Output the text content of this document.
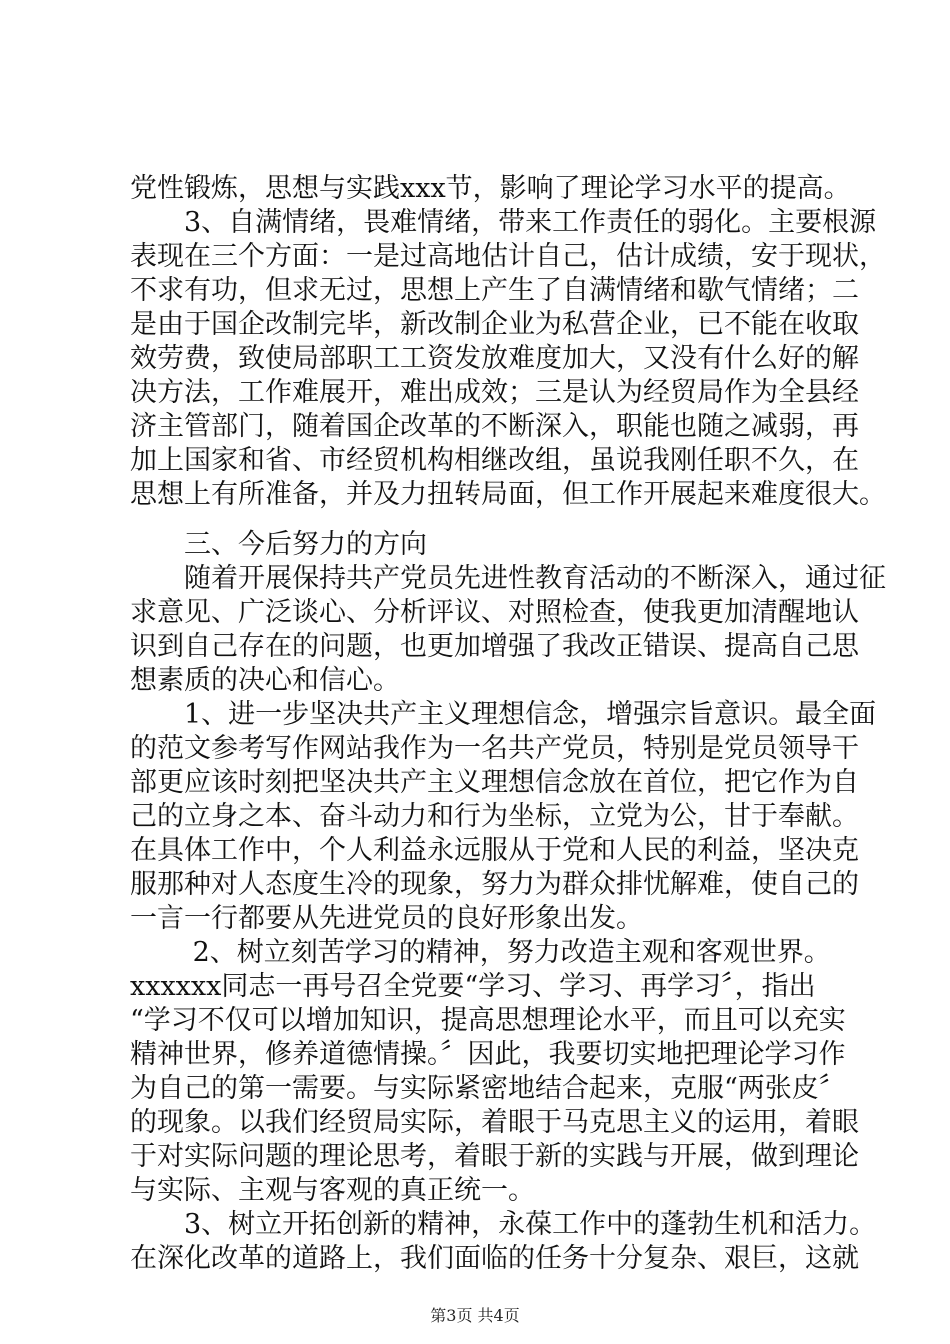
党性锻炼，思想与实践xxx节，影响了理论学习水平的提高。
　　3、自满情绪，畏难情绪，带来工作责任的弱化。主要根源
表现在三个方面：一是过高地估计自己，估计成绩，安于现状，
不求有功，但求无过，思想上产生了自满情绪和歇气情绪；二
是由于国企改制完毕，新改制企业为私营企业，已不能在收取
效劳费，致使局部职工工资发放难度加大，又没有什么好的解
决方法，工作难展开，难出成效；三是认为经贸局作为全县经
济主管部门，随着国企改革的不断深入，职能也随之减弱，再
加上国家和省、市经贸机构相继改组，虽说我刚任职不久，在
思想上有所准备，并及力扭转局面，但工作开展起来难度很大。
　　三、今后努力的方向
　　随着开展保持共产党员先进性教育活动的不断深入，通过征
求意见、广泛谈心、分析评议、对照检查，使我更加清醒地认
识到自己存在的问题，也更加增强了我改正错误、提高自己思
想素质的决心和信心。
　　1、进一步坚决共产主义理想信念，增强宗旨意识。最全面
的范文参考写作网站我作为一名共产党员，特别是党员领导干
部更应该时刻把坚决共产主义理想信念放在首位，把它作为自
己的立身之本、奋斗动力和行为坐标，立党为公，甘于奉献。
在具体工作中，个人利益永远服从于党和人民的利益，坚决克
服那种对人态度生冷的现象，努力为群众排忧解难，使自己的
一言一行都要从先进党员的良好形象出发。
　　 2、树立刻苦学习的精神，努力改造主观和客观世界。
xxxxxx同志一再号召全党要“学习、学习、再学习〞，指出
“学习不仅可以增加知识，提高思想理论水平，而且可以充实
精神世界，修养道德情操。〞因此，我要切实地把理论学习作
为自己的第一需要。与实际紧密地结合起来，克服“两张皮〞
的现象。以我们经贸局实际，着眼于马克思主义的运用，着眼
于对实际问题的理论思考，着眼于新的实践与开展，做到理论
与实际、主观与客观的真正统一。
　　3、树立开拓创新的精神，永葆工作中的蓬勃生机和活力。
在深化改革的道路上，我们面临的任务十分复杂、艰巨，这就
第3页 共4页
